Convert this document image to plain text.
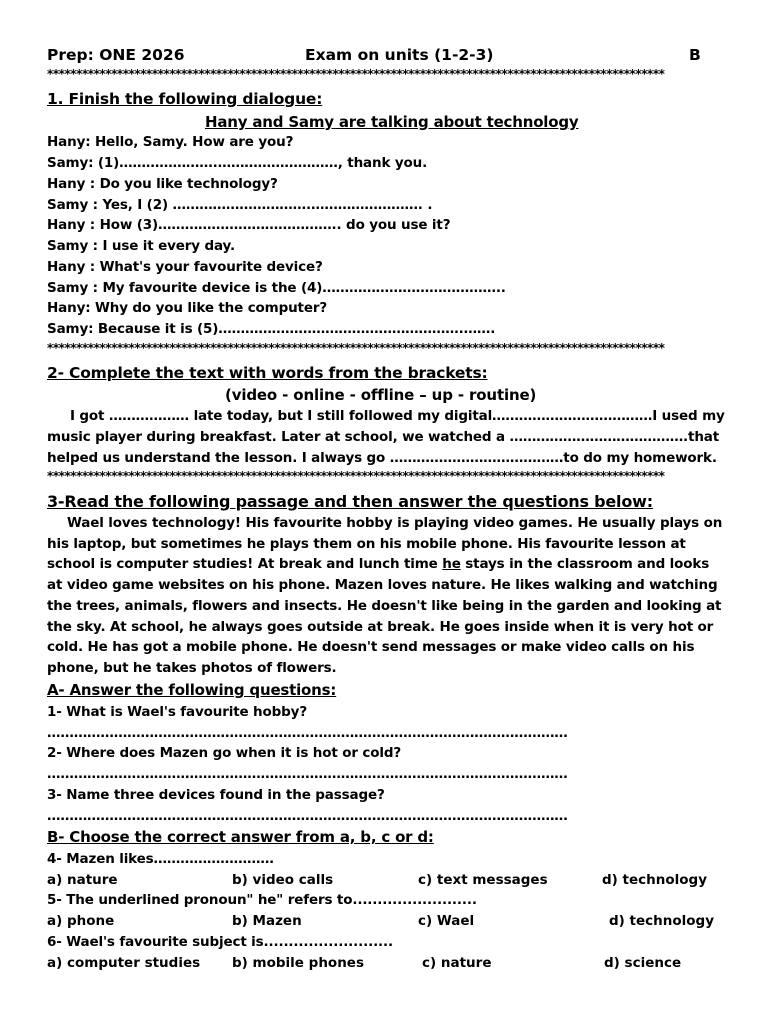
Prep: ONE 2026	Exam on units (1-2-3)	B
**********************************************************************************************************
1. Finish the following dialogue:
Hany and Samy are talking about technology
Hany: Hello, Samy. How are you?
Samy: (1)………………….………………………, thank you.
Hany : Do you like technology?
Samy : Yes, I (2) ………………………….……………………. .
Hany : How (3)………………………………….. do you use it?
Samy : I use it every day.
Hany : What's your favourite device?
Samy : My favourite device is the (4)…………………………………..
Hany: Why do you like the computer?
Samy: Because it is (5)……………………………………………….…….
**********************************************************************************************************
2- Complete the text with words from the brackets:
(video - online - offline – up - routine)
I got ……………… late today, but I still followed my digital………………………………I used my
music player during breakfast. Later at school, we watched a ………………………………….that
helped us understand the lesson. I always go …………………………………to do my homework.
**********************************************************************************************************
3-Read the following passage and then answer the questions below:
Wael loves technology! His favourite hobby is playing video games. He usually plays on
his laptop, but sometimes he plays them on his mobile phone. His favourite lesson at
school is computer studies! At break and lunch time he stays in the classroom and looks
at video game websites on his phone. Mazen loves nature. He likes walking and watching
the trees, animals, flowers and insects. He doesn't like being in the garden and looking at
the sky. At school, he always goes outside at break. He goes inside when it is very hot or
cold. He has got a mobile phone. He doesn't send messages or make video calls on his
phone, but he takes photos of flowers.
A- Answer the following questions:
1- What is Wael's favourite hobby?
………………………………………………………………………………………………………
2- Where does Mazen go when it is hot or cold?
………………………………………………………………………………………………………
3- Name three devices found in the passage?
………………………………………………………………………………………………………
B- Choose the correct answer from a, b, c or d:
4- Mazen likes………………………
a) nature	b) video calls	c) text messages	d) technology
5- The underlined pronoun" he" refers to.........................
a) phone	b) Mazen	c) Wael	d) technology
6- Wael's favourite subject is..........................
a) computer studies b) mobile phones	c) nature	d) science
